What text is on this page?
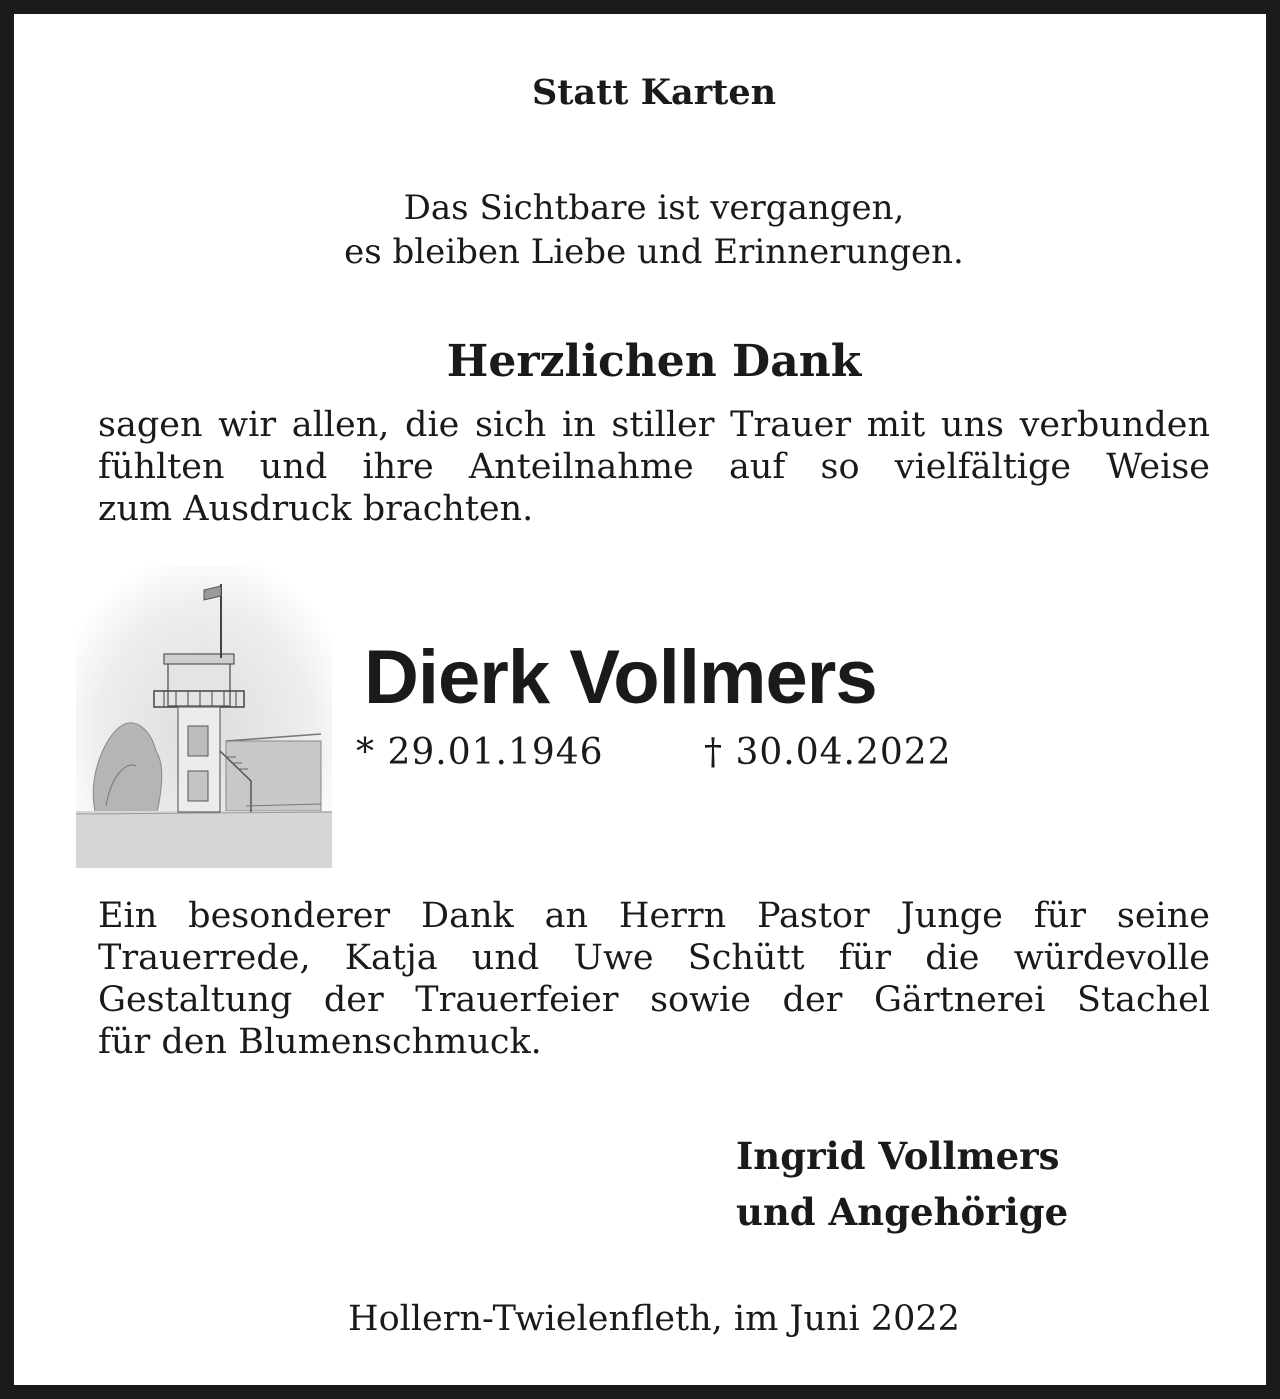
Statt Karten
Das Sichtbare ist vergangen,
es bleiben Liebe und Erinnerungen.
Herzlichen Dank
sagen wir allen, die sich in stiller Trauer mit uns verbunden
fühlten und ihre Anteilnahme auf so vielfältige Weise
zum Ausdruck brachten.
Dierk Vollmers
* 29.01.1946	† 30.04.2022
Ein besonderer Dank an Herrn Pastor Junge für seine
Trauerrede, Katja und Uwe Schütt für die würdevolle
Gestaltung der Trauerfeier sowie der Gärtnerei Stachel
für den Blumenschmuck.
Ingrid Vollmers
und Angehörige
Hollern-Twielenfleth, im Juni 2022
